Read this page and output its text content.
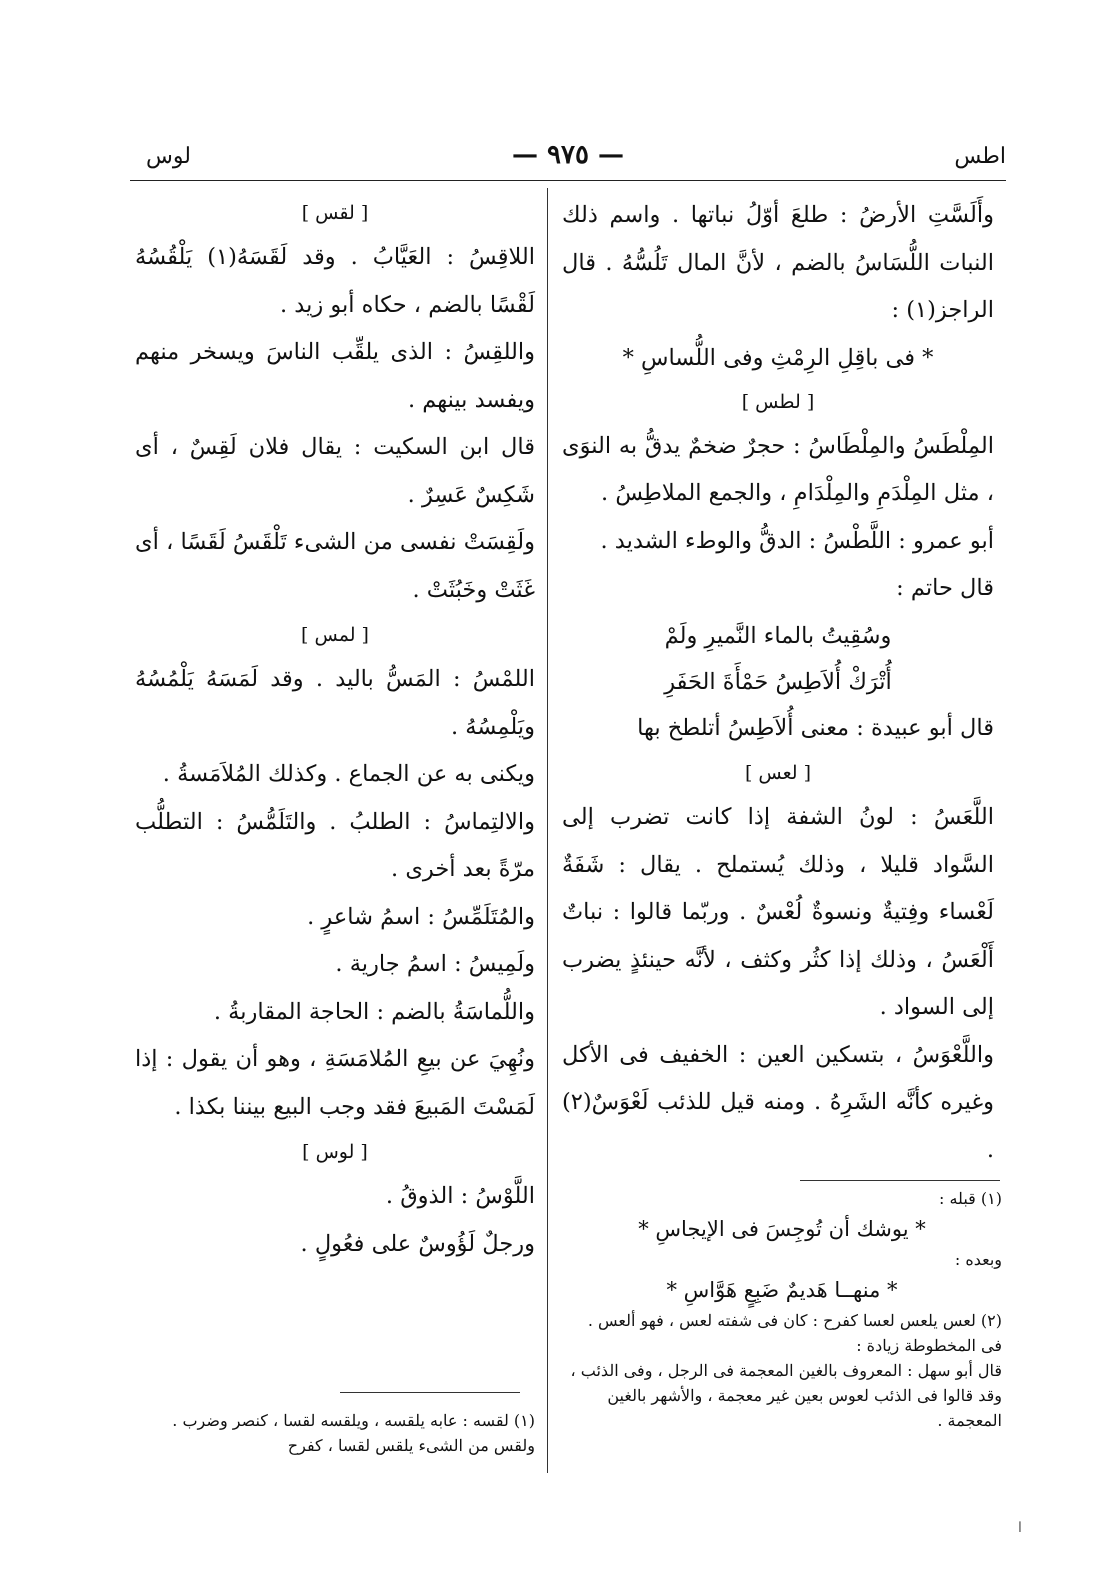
لوس	— ٩٧٥ —	اطس

وأَلَسَّتِ الأرضُ : طلعَ أوّلُ نباتها . واسم ذلك النبات اللُّسَاسُ بالضم ، لأنَّ المال تَلُسُّهُ . قال الراجز(١) :

* فى باقِلِ الرِمْثِ وفى اللُّساسِ *

[ لطس ]

المِلْطَسُ والمِلْطَاسُ : حجرٌ ضخمٌ يدقُّ به النوَى ، مثل المِلْدَمِ والمِلْدَامِ ، والجمع الملاطِسُ .

أبو عمرو : اللَّطْسُ : الدقُّ والوطء الشديد .

قال حاتم :

وسُقِيتُ بالماء النَّميرِ ولَمْ

أُتْرَكْ أُلاَطِسُ حَمْأَةَ الحَفَرِ

قال أبو عبيدة : معنى أُلاَطِسُ أتلطخ بها

[ لعس ]

اللَّعَسُ : لونُ الشفة إذا كانت تضرب إلى السَّواد قليلا ، وذلك يُستملح . يقال : شَفَةٌ لَعْساء وفِتيةٌ ونسوةٌ لُعْسٌ . وربّما قالوا : نباتٌ أَلْعَسُ ، وذلك إذا كثُر وكثف ، لأنَّه حينئذٍ يضرب إلى السواد .

واللَّعْوَسُ ، بتسكين العين : الخفيف فى الأكل وغيره كأنَّه الشَرِهُ . ومنه قيل للذئب لَعْوَسٌ(٢) .

[ لقس ]

اللاقِسُ : العَيَّابُ . وقد لَقَسَهُ(١) يَلْقُسُهُ لَقْسًا بالضم ، حكاه أبو زيد .

واللقِسُ : الذى يلقِّب الناسَ ويسخر منهم ويفسد بينهم .

قال ابن السكيت : يقال فلان لَقِسٌ ، أى شَكِسٌ عَسِرٌ .

ولَقِسَتْ نفسى من الشىء تَلْقَسُ لَقَسًا ، أى غَثَتْ وخَبُثَتْ .

[ لمس ]

اللمْسُ : المَسُّ باليد . وقد لَمَسَهُ يَلْمُسُهُ ويَلْمِسُهُ .

ويكنى به عن الجماع . وكذلك المُلاَمَسةُ .

والالتِماسُ : الطلبُ . والتَلَمُّسُ : التطلُّب مرّةً بعد أخرى .

والمُتَلَمِّسُ : اسمُ شاعرٍ .

ولَمِيسُ : اسمُ جارية .

واللُّماسَةُ بالضم : الحاجة المقاربةُ .

ونُهِيَ عن بيعِ المُلامَسَةِ ، وهو أن يقول : إذا لَمَسْتَ المَبيعَ فقد وجب البيع بيننا بكذا .

[ لوس ]

اللَّوْسُ : الذوقُ .

ورجلٌ لَؤُوسٌ على فعُولٍ .

(١) قبله :

* يوشك أن تُوجِسَ فى الإيجاسِ *

وبعده :

* منهــا هَديمٌ ضَبِعٍ هَوَّاسِ *

(٢) لعس يلعس لعسا كفرح : كان فى شفته لعس ، فهو ألعس . فى المخطوطة زيادة :

قال أبو سهل : المعروف بالغين المعجمة فى الرجل ، وفى الذئب ، وقد قالوا فى الذئب لعوس بعين غير معجمة ، والأشهر بالغين المعجمة .

(١) لقسه : عابه يلقسه ، ويلقسه لقسا ، كنصر وضرب .

ولقس من الشىء يلقس لقسا ، كفرح

ا
